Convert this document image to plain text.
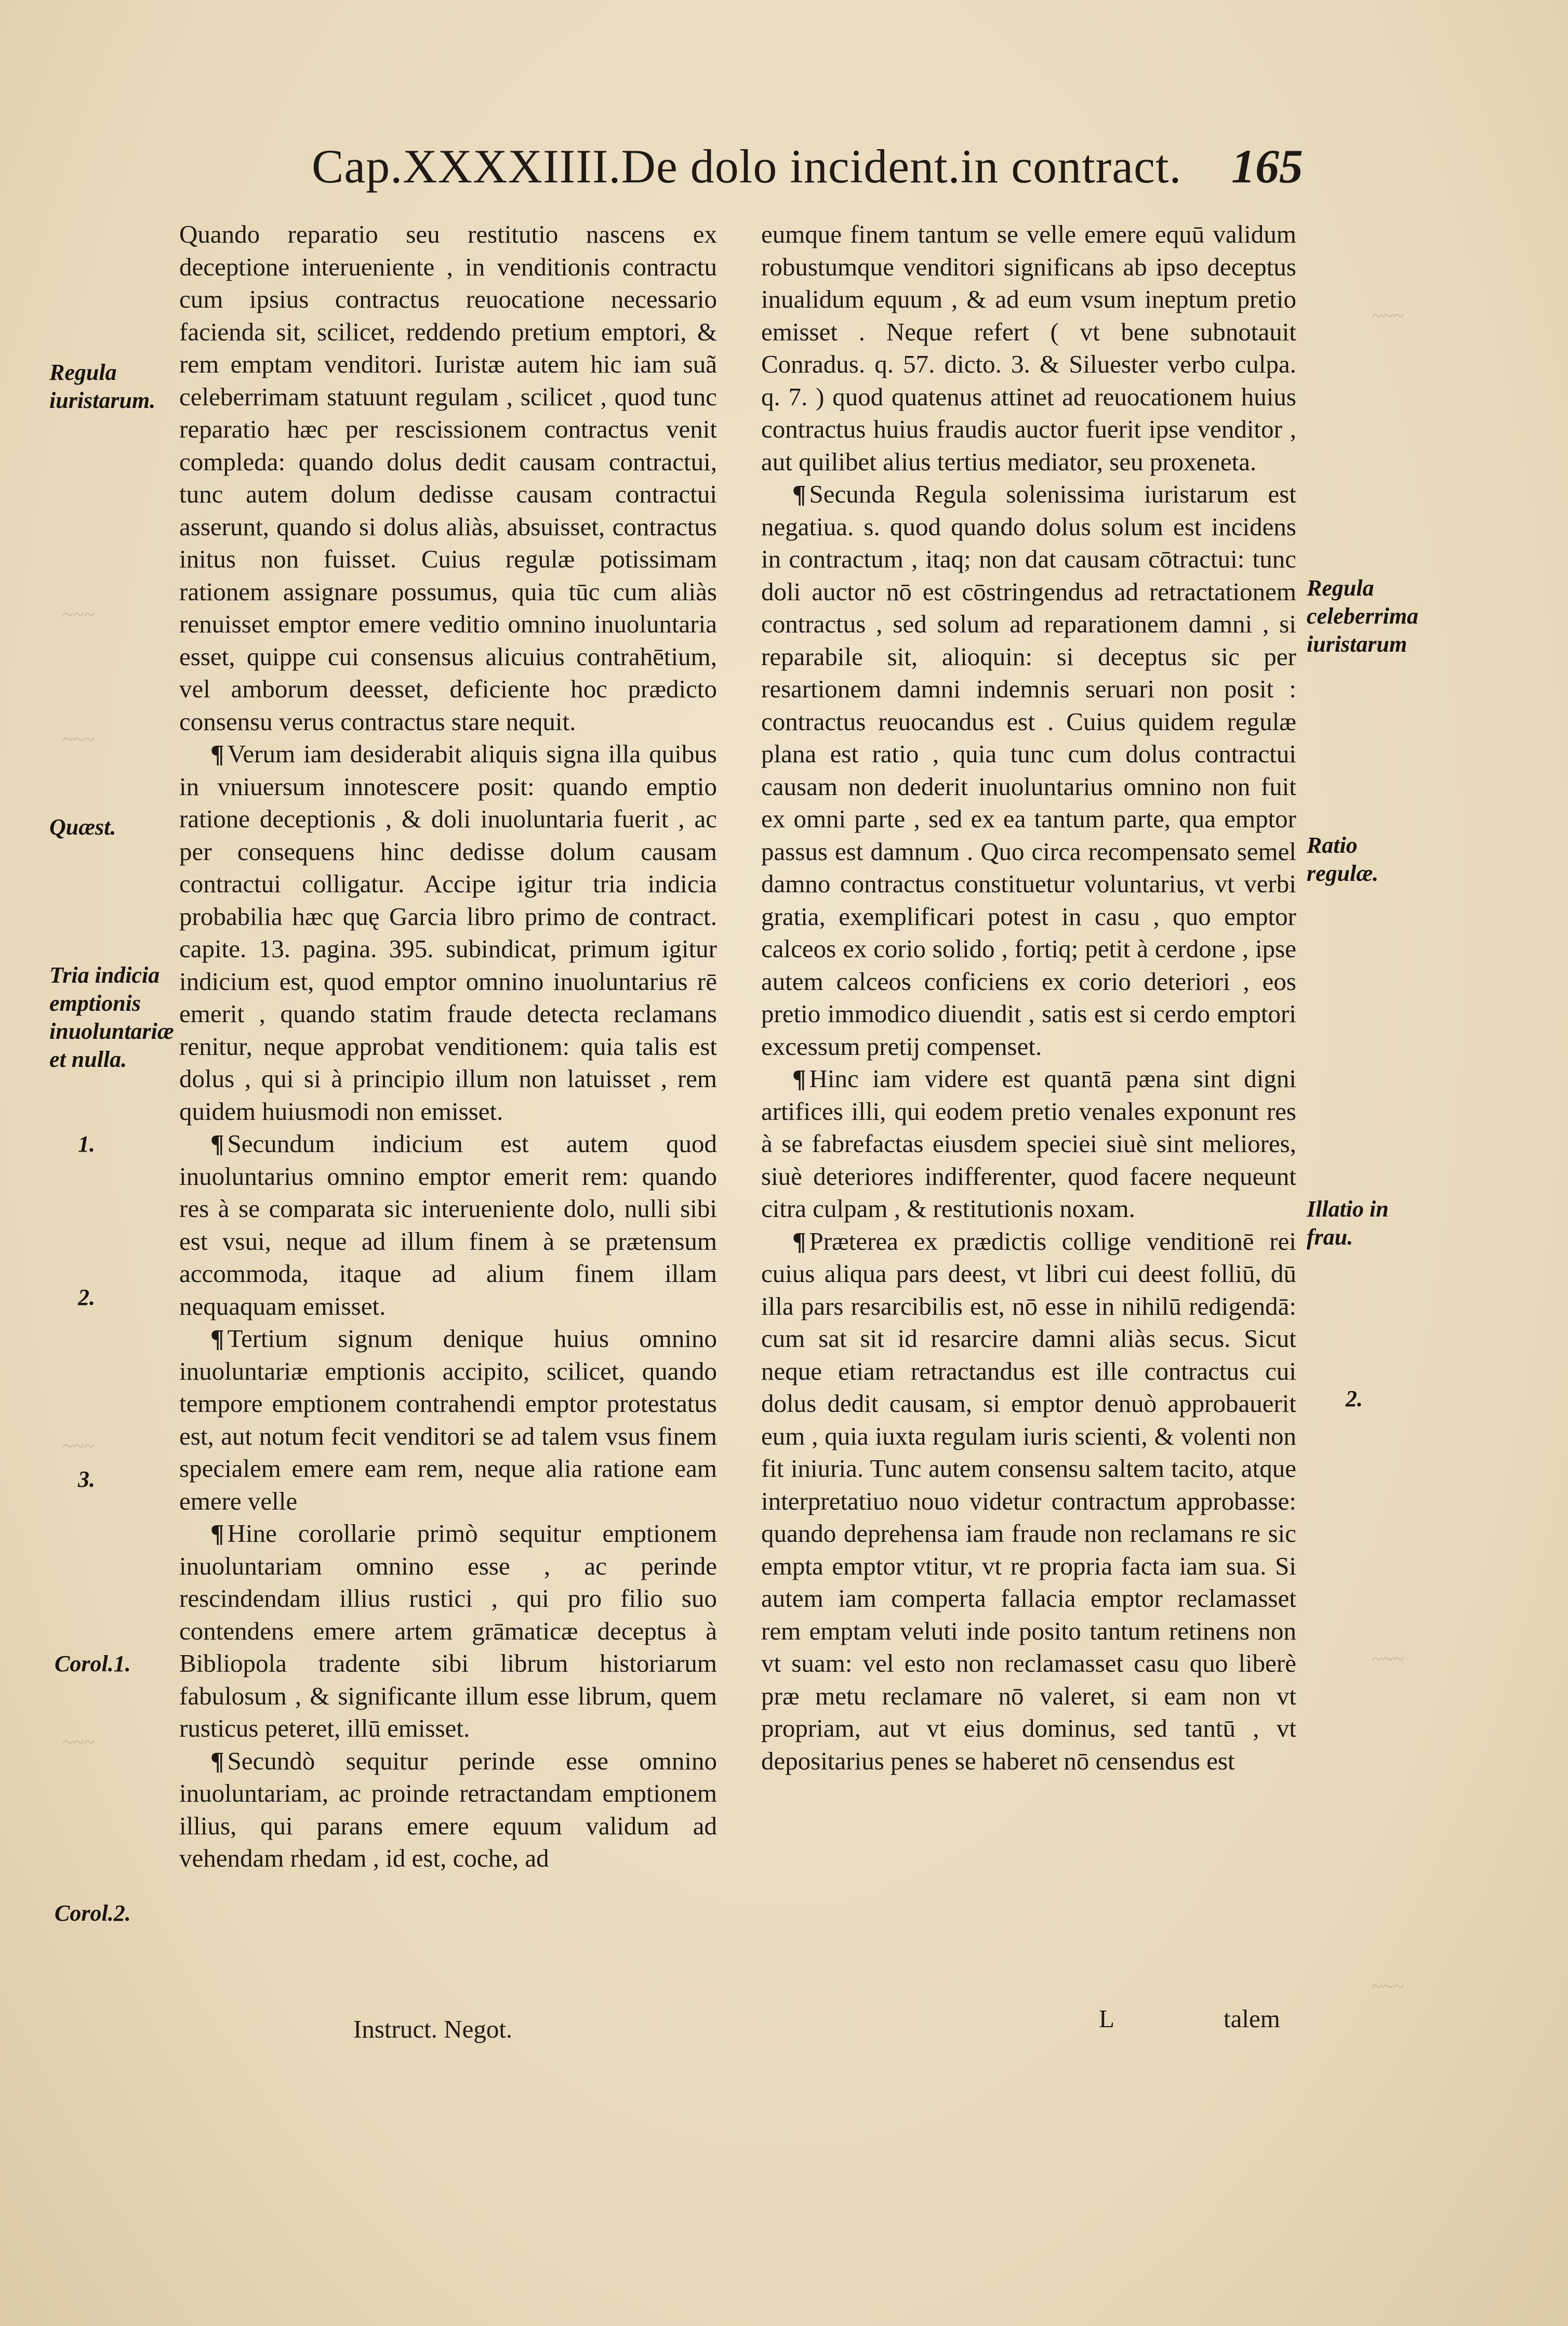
Cap.XXXXIIII.De dolo incident.in contract.	165

Quando reparatio seu restitutio nascens ex deceptione interueniente , in venditionis contractu cum ipsius contractus reuocatione necessario facienda sit, scilicet, reddendo pretium emptori, & rem emptam venditori. Iuristæ autem hic iam suã celeberrimam statuunt regulam , scilicet , quod tunc reparatio hæc per rescissionem contractus venit compleda: quando dolus dedit causam contractui, tunc autem dolum dedisse causam contractui asserunt, quando si dolus aliàs, absuisset, contractus initus non fuisset. Cuius regulæ potissimam rationem assignare possumus, quia tūc cum aliàs renuisset emptor emere veditio omnino inuoluntaria esset, quippe cui consensus alicuius contrahētium, vel amborum deesset, deficiente hoc prædicto consensu verus contractus stare nequit.

¶ Verum iam desiderabit aliquis signa illa quibus in vniuersum innotescere posit: quando emptio ratione deceptionis , & doli inuoluntaria fuerit , ac per consequens hinc dedisse dolum causam contractui colligatur. Accipe igitur tria indicia probabilia hæc quę Garcia libro primo de contract. capite. 13. pagina. 395. subindicat, primum igitur indicium est, quod emptor omnino inuoluntarius rē emerit , quando statim fraude detecta reclamans renitur, neque approbat venditionem: quia talis est dolus , qui si à principio illum non latuisset , rem quidem huiusmodi non emisset.

¶ Secundum indicium est autem quod inuoluntarius omnino emptor emerit rem: quando res à se comparata sic interueniente dolo, nulli sibi est vsui, neque ad illum finem à se prætensum accommoda, itaque ad alium finem illam nequaquam emisset.

¶ Tertium signum denique huius omnino inuoluntariæ emptionis accipito, scilicet, quando tempore emptionem contrahendi emptor protestatus est, aut notum fecit venditori se ad talem vsus finem specialem emere eam rem, neque alia ratione eam emere velle

¶ Hine corollarie primò sequitur emptionem inuoluntariam omnino esse , ac perinde rescindendam illius rustici , qui pro filio suo contendens emere artem grāmaticæ deceptus à Bibliopola tradente sibi librum historiarum fabulosum , & significante illum esse librum, quem rusticus peteret, illū emisset.

¶ Secundò sequitur perinde esse omnino inuoluntariam, ac proinde retractandam emptionem illius, qui parans emere equum validum ad vehendam rhedam , id est, coche, ad

eumque finem tantum se velle emere equū validum robustumque venditori significans ab ipso deceptus inualidum equum , & ad eum vsum ineptum pretio emisset . Neque refert ( vt bene subnotauit Conradus. q. 57. dicto. 3. & Siluester verbo culpa. q. 7. ) quod quatenus attinet ad reuocationem huius contractus huius fraudis auctor fuerit ipse venditor , aut quilibet alius tertius mediator, seu proxeneta.

¶ Secunda Regula solenissima iuristarum est negatiua. s. quod quando dolus solum est incidens in contractum , itaq; non dat causam cōtractui: tunc doli auctor nō est cōstringendus ad retractationem contractus , sed solum ad reparationem damni , si reparabile sit, alioquin: si deceptus sic per resartionem damni indemnis seruari non posit : contractus reuocandus est . Cuius quidem regulæ plana est ratio , quia tunc cum dolus contractui causam non dederit inuoluntarius omnino non fuit ex omni parte , sed ex ea tantum parte, qua emptor passus est damnum . Quo circa recompensato semel damno contractus constituetur voluntarius, vt verbi gratia, exemplificari potest in casu , quo emptor calceos ex corio solido , fortiq; petit à cerdone , ipse autem calceos conficiens ex corio deteriori , eos pretio immodico diuendit , satis est si cerdo emptori excessum pretij compenset.

¶ Hinc iam videre est quantā pæna sint digni artifices illi, qui eodem pretio venales exponunt res à se fabrefactas eiusdem speciei siuè sint meliores, siuè deteriores indifferenter, quod facere nequeunt citra culpam , & restitutionis noxam.

¶ Præterea ex prædictis collige venditionē rei cuius aliqua pars deest, vt libri cui deest folliū, dū illa pars resarcibilis est, nō esse in nihilū redigendā: cum sat sit id resarcire damni aliàs secus. Sicut neque etiam retractandus est ille contractus cui dolus dedit causam, si emptor denuò approbauerit eum , quia iuxta regulam iuris scienti, & volenti non fit iniuria. Tunc autem consensu saltem tacito, atque interpretatiuo nouo videtur contractum approbasse: quando deprehensa iam fraude non reclamans re sic empta emptor vtitur, vt re propria facta iam sua. Si autem iam comperta fallacia emptor reclamasset rem emptam veluti inde posito tantum retinens non vt suam: vel esto non reclamasset casu quo liberè præ metu reclamare nō valeret, si eam non vt propriam, aut vt eius dominus, sed tantū , vt depositarius penes se haberet nō censendus est

Regula iuristarum.
Quæst.
Tria indicia emptionis inuoluntariæ et nulla.
1.
2.
3.
Corol.1.
Corol.2.
Regula celeberrima iuristarum
Ratio regulæ.
Illatio in frau.
2.
~~~
~~~
~~~
~~~
~~~
~~~
~~~
Instruct. Negot.	L	talem
